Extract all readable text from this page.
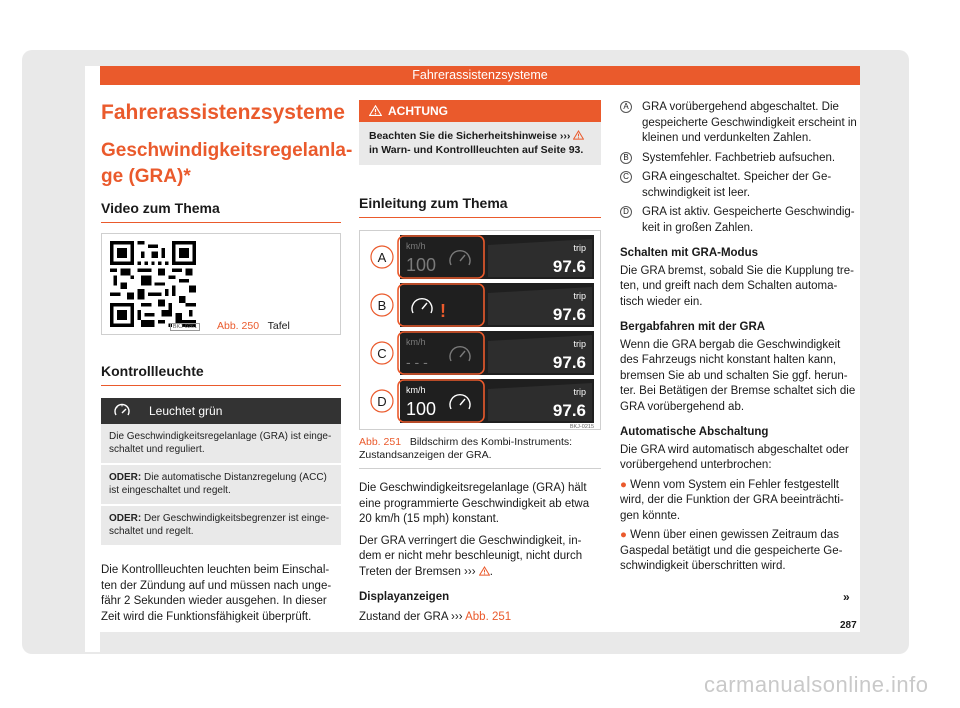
Fahrerassistenzsysteme
Fahrerassistenzsysteme
Geschwindigkeitsregelanla-
ge (GRA)*
Video zum Thema
BKJ-0261 Abb. 250 Tafel
Kontrollleuchte
Leuchtet grün
Die Geschwindigkeitsregelanlage (GRA) ist einge-schaltet und reguliert.
ODER: Die automatische Distanzregelung (ACC) ist eingeschaltet und regelt.
ODER: Der Geschwindigkeitsbegrenzer ist einge-schaltet und regelt.
Die Kontrollleuchten leuchten beim Einschal-ten der Zündung auf und müssen nach unge-fähr 2 Sekunden wieder ausgehen. In dieser Zeit wird die Funktionsfähigkeit überprüft.
ACHTUNG
Beachten Sie die Sicherheitshinweise ›››
in Warn- und Kontrollleuchten auf Seite 93.
Einleitung zum Thema
A
km/h
100
trip
97.6
B	!
trip
97.6
C
km/h
- - -
trip
97.6
D
km/h
100
trip
97.6
BKJ-0215
Abb. 251 Bildschirm des Kombi-Instruments: Zustandsanzeigen der GRA.
Die Geschwindigkeitsregelanlage (GRA) hält eine programmierte Geschwindigkeit ab etwa 20 km/h (15 mph) konstant.
Der GRA verringert die Geschwindigkeit, in-dem er nicht mehr beschleunigt, nicht durch Treten der Bremsen ››› .
Displayanzeigen
Zustand der GRA ››› Abb. 251
A GRA vorübergehend abgeschaltet. Die gespeicherte Geschwindigkeit erscheint in kleinen und verdunkelten Zahlen.
B Systemfehler. Fachbetrieb aufsuchen.
C GRA eingeschaltet. Speicher der Ge-schwindigkeit ist leer.
D GRA ist aktiv. Gespeicherte Geschwindig-keit in großen Zahlen.
Schalten mit GRA-Modus
Die GRA bremst, sobald Sie die Kupplung tre-ten, und greift nach dem Schalten automa-tisch wieder ein.
Bergabfahren mit der GRA
Wenn die GRA bergab die Geschwindigkeit des Fahrzeugs nicht konstant halten kann, bremsen Sie ab und schalten Sie ggf. herun-ter. Bei Betätigen der Bremse schaltet sich die GRA vorübergehend ab.
Automatische Abschaltung
Die GRA wird automatisch abgeschaltet oder vorübergehend unterbrochen:
● Wenn vom System ein Fehler festgestellt wird, der die Funktion der GRA beeinträchti-gen könnte.
● Wenn über einen gewissen Zeitraum das Gaspedal betätigt und die gespeicherte Ge-schwindigkeit überschritten wird.
»
287
carmanualsonline.info
